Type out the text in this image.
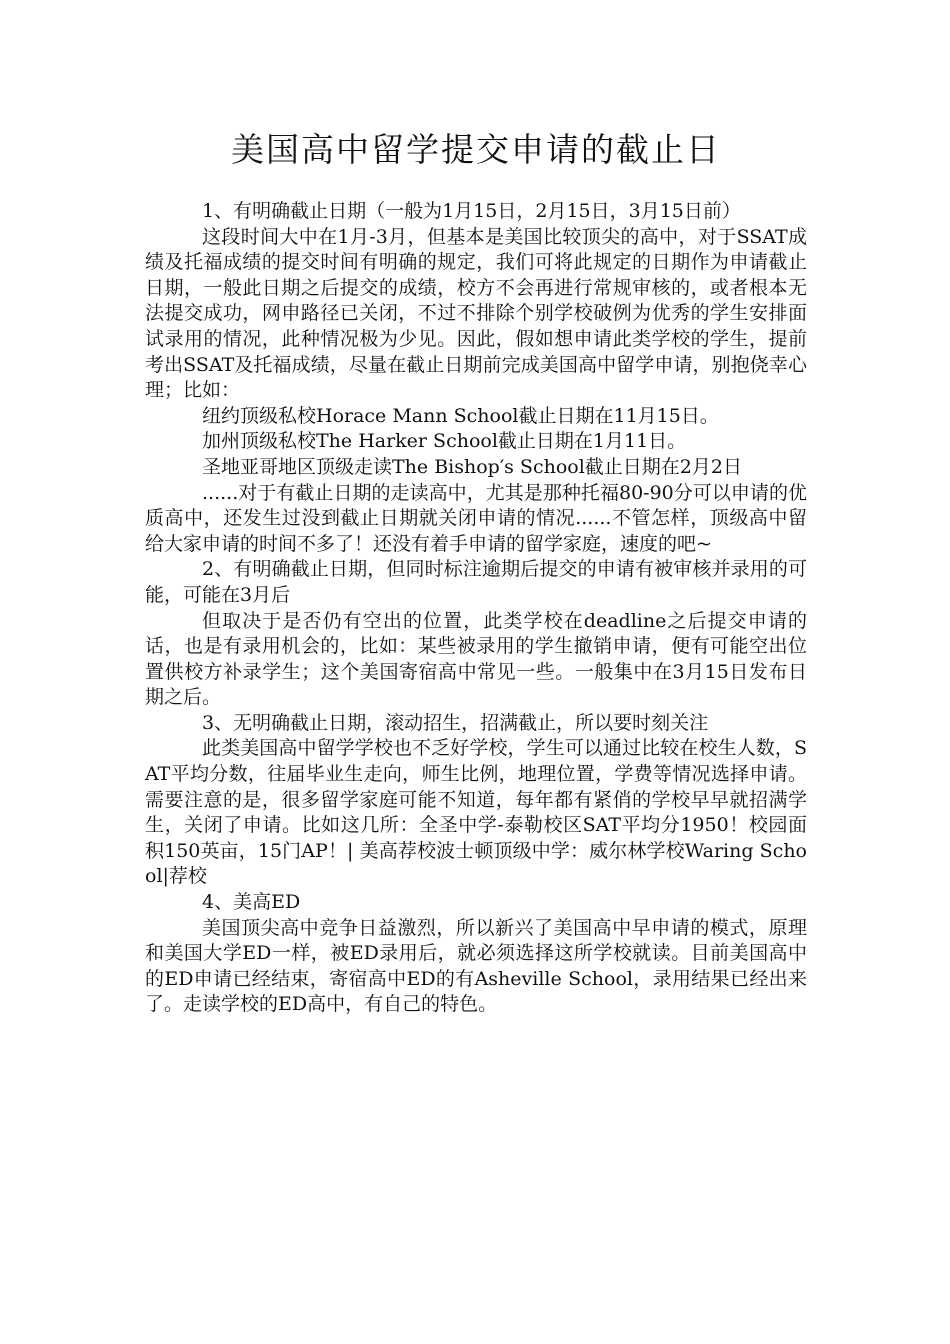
美国高中留学提交申请的截止日

1、有明确截止日期（一般为1月15日，2月15日，3月15日前）

这段时间大中在1月-3月，但基本是美国比较顶尖的高中，对于SSAT成绩及托福成绩的提交时间有明确的规定，我们可将此规定的日期作为申请截止日期，一般此日期之后提交的成绩，校方不会再进行常规审核的，或者根本无法提交成功，网申路径已关闭，不过不排除个别学校破例为优秀的学生安排面试录用的情况，此种情况极为少见。因此，假如想申请此类学校的学生，提前考出SSAT及托福成绩，尽量在截止日期前完成美国高中留学申请，别抱侥幸心理；比如：

纽约顶级私校Horace Mann School截止日期在11月15日。

加州顶级私校The Harker School截止日期在1月11日。

圣地亚哥地区顶级走读The Bishop′s School截止日期在2月2日

......对于有截止日期的走读高中，尤其是那种托福80-90分可以申请的优质高中，还发生过没到截止日期就关闭申请的情况......不管怎样，顶级高中留给大家申请的时间不多了！还没有着手申请的留学家庭，速度的吧~

2、有明确截止日期，但同时标注逾期后提交的申请有被审核并录用的可能，可能在3月后

但取决于是否仍有空出的位置，此类学校在deadline之后提交申请的话，也是有录用机会的，比如：某些被录用的学生撤销申请，便有可能空出位置供校方补录学生；这个美国寄宿高中常见一些。一般集中在3月15日发布日期之后。

3、无明确截止日期，滚动招生，招满截止，所以要时刻关注

此类美国高中留学学校也不乏好学校，学生可以通过比较在校生人数，SAT平均分数，往届毕业生走向，师生比例，地理位置，学费等情况选择申请。需要注意的是，很多留学家庭可能不知道，每年都有紧俏的学校早早就招满学生，关闭了申请。比如这几所：全圣中学-泰勒校区SAT平均分1950！校园面积150英亩，15门AP！| 美高荐校波士顿顶级中学：威尔林学校Waring School|荐校

4、美高ED

美国顶尖高中竞争日益激烈，所以新兴了美国高中早申请的模式，原理和美国大学ED一样，被ED录用后，就必须选择这所学校就读。目前美国高中的ED申请已经结束，寄宿高中ED的有Asheville School，录用结果已经出来了。走读学校的ED高中，有自己的特色。
